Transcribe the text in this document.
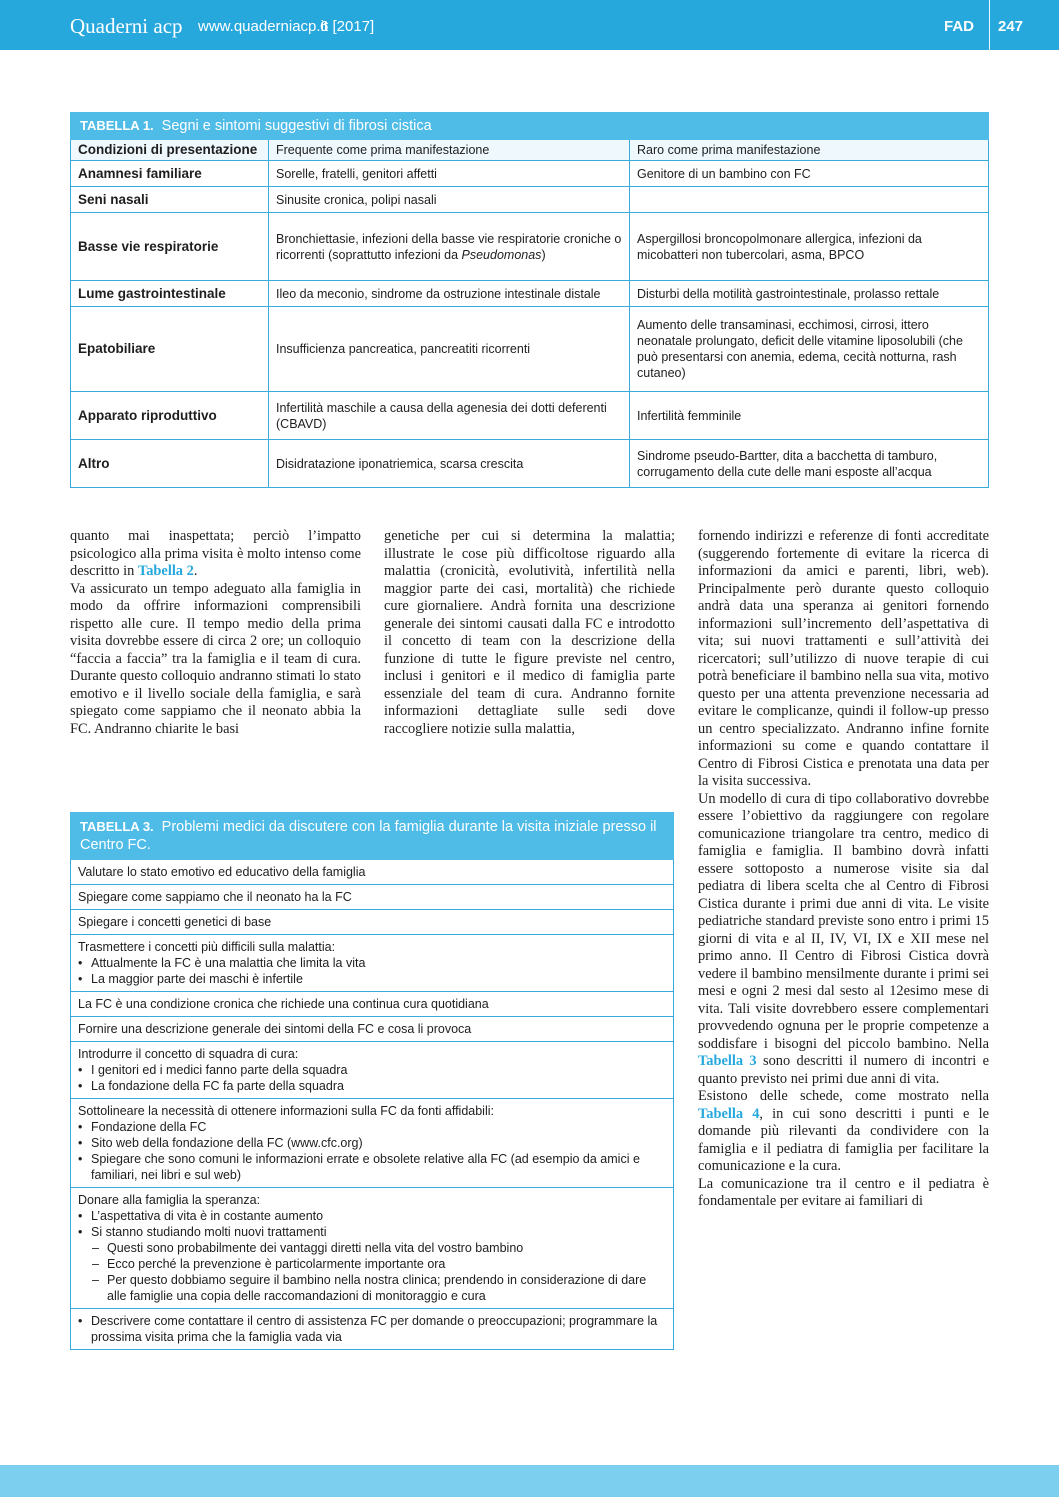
Quaderni acp www.quaderniacp.it
6 [2017]	FAD 247
TABELLA 1. Segni e sintomi suggestivi di fibrosi cistica		
Condizioni di presentazione	Frequente come prima manifestazione	Raro come prima manifestazione
Anamnesi familiare	Sorelle, fratelli, genitori affetti	Genitore di un bambino con FC
Seni nasali	Sinusite cronica, polipi nasali	
Basse vie respiratorie	Bronchiettasie, infezioni della basse vie respiratorie croniche o ricorrenti (soprattutto infezioni da Pseudomonas)	Aspergillosi broncopolmonare allergica, infezioni da micobatteri non tubercolari, asma, BPCO
Lume gastrointestinale	Ileo da meconio, sindrome da ostruzione intestinale distale	Disturbi della motilità gastrointestinale, prolasso rettale
Epatobiliare	Insufficienza pancreatica, pancreatiti ricorrenti	Aumento delle transaminasi, ecchimosi, cirrosi, ittero neonatale prolungato, deficit delle vitamine liposolubili (che può presentarsi con anemia, edema, cecità notturna, rash cutaneo)
Apparato riproduttivo	Infertilità maschile a causa della agenesia dei dotti deferenti (CBAVD)	Infertilità femminile
Altro	Disidratazione iponatriemica, scarsa crescita	Sindrome pseudo-Bartter, dita a bacchetta di tamburo, corrugamento della cute delle mani esposte all’acqua

quanto mai inaspettata; perciò l’impatto psicologico alla prima visita è molto intenso come descritto in Tabella 2.

Va assicurato un tempo adeguato alla famiglia in modo da offrire informazioni comprensibili rispetto alle cure. Il tempo medio della prima visita dovrebbe essere di circa 2 ore; un colloquio “faccia a faccia” tra la famiglia e il team di cura. Durante questo colloquio andranno stimati lo stato emotivo e il livello sociale della famiglia, e sarà spiegato come sappiamo che il neonato abbia la FC. Andranno chiarite le basi

genetiche per cui si determina la malattia; illustrate le cose più difficoltose riguardo alla malattia (cronicità, evolutività, infertilità nella maggior parte dei casi, mortalità) che richiede cure giornaliere. Andrà fornita una descrizione generale dei sintomi causati dalla FC e introdotto il concetto di team con la descrizione della funzione di tutte le figure previste nel centro, inclusi i genitori e il medico di famiglia parte essenziale del team di cura. Andranno fornite informazioni dettagliate sulle sedi dove raccogliere notizie sulla malattia,

fornendo indirizzi e referenze di fonti accreditate (suggerendo fortemente di evitare la ricerca di informazioni da amici e parenti, libri, web). Principalmente però durante questo colloquio andrà data una speranza ai genitori fornendo informazioni sull’incremento dell’aspettativa di vita; sui nuovi trattamenti e sull’attività dei ricercatori; sull’utilizzo di nuove terapie di cui potrà beneficiare il bambino nella sua vita, motivo questo per una attenta prevenzione necessaria ad evitare le complicanze, quindi il follow-up presso un centro specializzato. Andranno infine fornite informazioni su come e quando contattare il Centro di Fibrosi Cistica e prenotata una data per la visita successiva.

Un modello di cura di tipo collaborativo dovrebbe essere l’obiettivo da raggiungere con regolare comunicazione triangolare tra centro, medico di famiglia e famiglia. Il bambino dovrà infatti essere sottoposto a numerose visite sia dal pediatra di libera scelta che al Centro di Fibrosi Cistica durante i primi due anni di vita. Le visite pediatriche standard previste sono entro i primi 15 giorni di vita e al II, IV, VI, IX e XII mese nel primo anno. Il Centro di Fibrosi Cistica dovrà vedere il bambino mensilmente durante i primi sei mesi e ogni 2 mesi dal sesto al 12esimo mese di vita. Tali visite dovrebbero essere complementari provvedendo ognuna per le proprie competenze a soddisfare i bisogni del piccolo bambino. Nella Tabella 3 sono descritti il numero di incontri e quanto previsto nei primi due anni di vita.

Esistono delle schede, come mostrato nella Tabella 4, in cui sono descritti i punti e le domande più rilevanti da condividere con la famiglia e il pediatra di famiglia per facilitare la comunicazione e la cura.

La comunicazione tra il centro e il pediatra è fondamentale per evitare ai familiari di

TABELLA 3. Problemi medici da discutere con la famiglia durante la visita iniziale presso il Centro FC.
Valutare lo stato emotivo ed educativo della famiglia
Spiegare come sappiamo che il neonato ha la FC
Spiegare i concetti genetici di base

Trasmettere i concetti più difficili sulla malattia:
• Attualmente la FC è una malattia che limita la vita
• La maggior parte dei maschi è infertile

La FC è una condizione cronica che richiede una continua cura quotidiana
Fornire una descrizione generale dei sintomi della FC e cosa li provoca

Introdurre il concetto di squadra di cura:
• I genitori ed i medici fanno parte della squadra
• La fondazione della FC fa parte della squadra

Sottolineare la necessità di ottenere informazioni sulla FC da fonti affidabili:
• Fondazione della FC
• Sito web della fondazione della FC (www.cfc.org)
• Spiegare che sono comuni le informazioni errate e obsolete relative alla FC (ad esempio da amici e familiari, nei libri e sul web)

Donare alla famiglia la speranza:
• L’aspettativa di vita è in costante aumento
• Si stanno studiando molti nuovi trattamenti
– Questi sono probabilmente dei vantaggi diretti nella vita del vostro bambino
– Ecco perché la prevenzione è particolarmente importante ora
– Per questo dobbiamo seguire il bambino nella nostra clinica; prendendo in considerazione di dare alle famiglie una copia delle raccomandazioni di monitoraggio e cura

• Descrivere come contattare il centro di assistenza FC per domande o preoccupazioni; programmare la prossima visita prima che la famiglia vada via
